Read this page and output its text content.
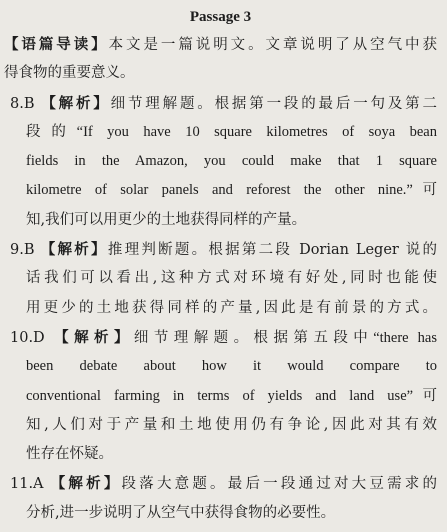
Passage 3
【语篇导读】本文是一篇说明文。文章说明了从空气中获
得食物的重要意义。
8.B 【解析】细节理解题。根据第一段的最后一句及第二
段的“If you have 10 square kilometres of soya bean
fields in the Amazon, you could make that 1 square
kilometre of solar panels and reforest the other nine.”可
知,我们可以用更少的土地获得同样的产量。
9.B 【解析】推理判断题。根据第二段 Dorian Leger 说的
话我们可以看出,这种方式对环境有好处,同时也能使
用更少的土地获得同样的产量,因此是有前景的方式。
10.D 【解析】细节理解题。根据第五段中“there has
been debate about how it would compare to
conventional farming in terms of yields and land use”可
知,人们对于产量和土地使用仍有争论,因此对其有效
性存在怀疑。
11.A 【解析】段落大意题。最后一段通过对大豆需求的
分析,进一步说明了从空气中获得食物的必要性。
